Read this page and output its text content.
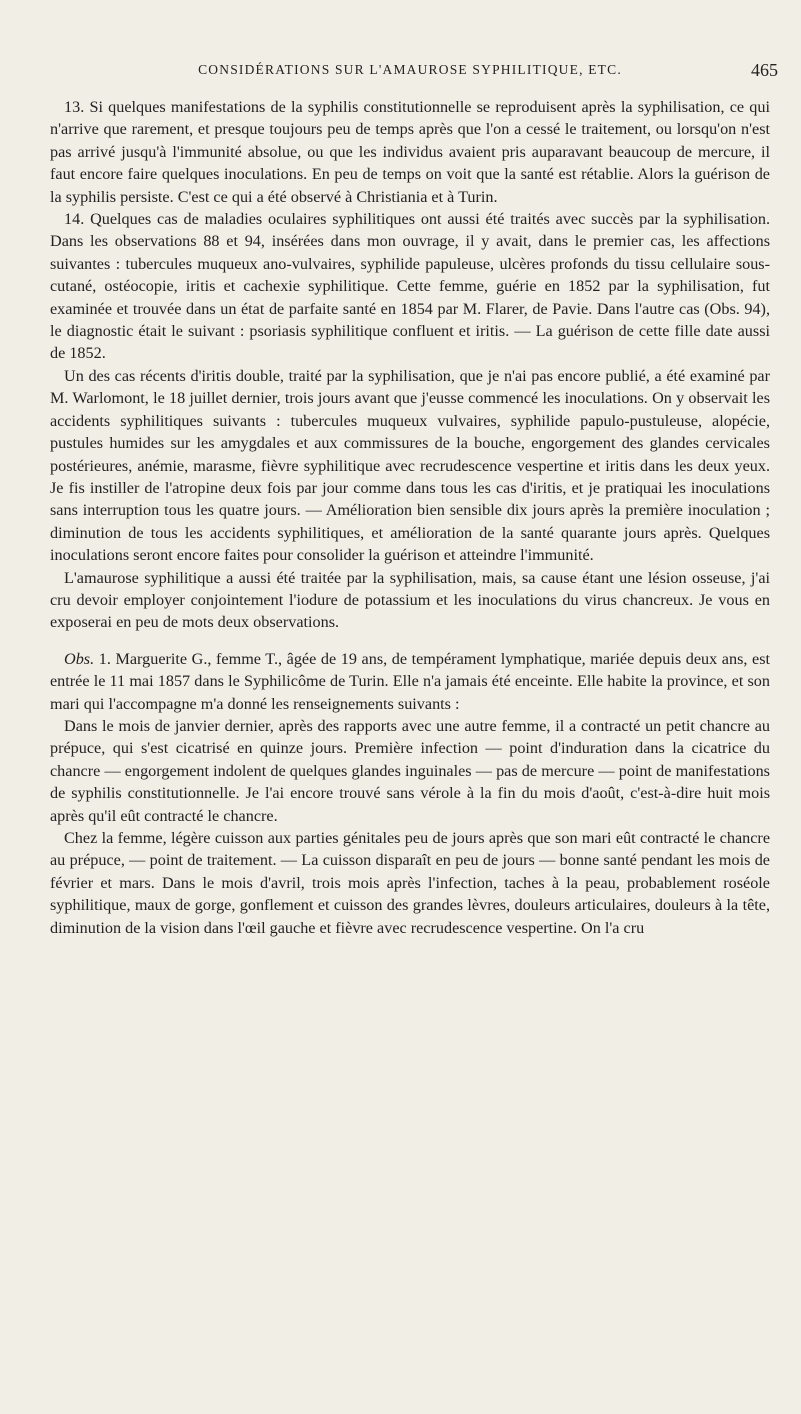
CONSIDÉRATIONS SUR L'AMAUROSE SYPHILITIQUE, ETC.	465

13. Si quelques manifestations de la syphilis constitutionnelle se reproduisent après la syphilisation, ce qui n'arrive que rarement, et presque toujours peu de temps après que l'on a cessé le traitement, ou lorsqu'on n'est pas arrivé jusqu'à l'immunité absolue, ou que les individus avaient pris auparavant beaucoup de mercure, il faut encore faire quelques inoculations. En peu de temps on voit que la santé est rétablie. Alors la guérison de la syphilis persiste. C'est ce qui a été observé à Christiania et à Turin.

14. Quelques cas de maladies oculaires syphilitiques ont aussi été traités avec succès par la syphilisation. Dans les observations 88 et 94, insérées dans mon ouvrage, il y avait, dans le premier cas, les affections suivantes : tubercules muqueux ano-vulvaires, syphilide papuleuse, ulcères profonds du tissu cellulaire sous-cutané, ostéocopie, iritis et cachexie syphilitique. Cette femme, guérie en 1852 par la syphilisation, fut examinée et trouvée dans un état de parfaite santé en 1854 par M. Flarer, de Pavie. Dans l'autre cas (Obs. 94), le diagnostic était le suivant : psoriasis syphilitique confluent et iritis. — La guérison de cette fille date aussi de 1852.

Un des cas récents d'iritis double, traité par la syphilisation, que je n'ai pas encore publié, a été examiné par M. Warlomont, le 18 juillet dernier, trois jours avant que j'eusse commencé les inoculations. On y observait les accidents syphilitiques suivants : tubercules muqueux vulvaires, syphilide papulo-pustuleuse, alopécie, pustules humides sur les amygdales et aux commissures de la bouche, engorgement des glandes cervicales postérieures, anémie, marasme, fièvre syphilitique avec recrudescence vespertine et iritis dans les deux yeux. Je fis instiller de l'atropine deux fois par jour comme dans tous les cas d'iritis, et je pratiquai les inoculations sans interruption tous les quatre jours. — Amélioration bien sensible dix jours après la première inoculation ; diminution de tous les accidents syphilitiques, et amélioration de la santé quarante jours après. Quelques inoculations seront encore faites pour consolider la guérison et atteindre l'immunité.

L'amaurose syphilitique a aussi été traitée par la syphilisation, mais, sa cause étant une lésion osseuse, j'ai cru devoir employer conjointement l'iodure de potassium et les inoculations du virus chancreux. Je vous en exposerai en peu de mots deux observations.

Obs. 1. Marguerite G., femme T., âgée de 19 ans, de tempérament lymphatique, mariée depuis deux ans, est entrée le 11 mai 1857 dans le Syphilicôme de Turin. Elle n'a jamais été enceinte. Elle habite la province, et son mari qui l'accompagne m'a donné les renseignements suivants :

Dans le mois de janvier dernier, après des rapports avec une autre femme, il a contracté un petit chancre au prépuce, qui s'est cicatrisé en quinze jours. Première infection — point d'induration dans la cicatrice du chancre — engorgement indolent de quelques glandes inguinales — pas de mercure — point de manifestations de syphilis constitutionnelle. Je l'ai encore trouvé sans vérole à la fin du mois d'août, c'est-à-dire huit mois après qu'il eût contracté le chancre.

Chez la femme, légère cuisson aux parties génitales peu de jours après que son mari eût contracté le chancre au prépuce, — point de traitement. — La cuisson disparaît en peu de jours — bonne santé pendant les mois de février et mars. Dans le mois d'avril, trois mois après l'infection, taches à la peau, probablement roséole syphilitique, maux de gorge, gonflement et cuisson des grandes lèvres, douleurs articulaires, douleurs à la tête, diminution de la vision dans l'œil gauche et fièvre avec recrudescence vespertine. On l'a cru
